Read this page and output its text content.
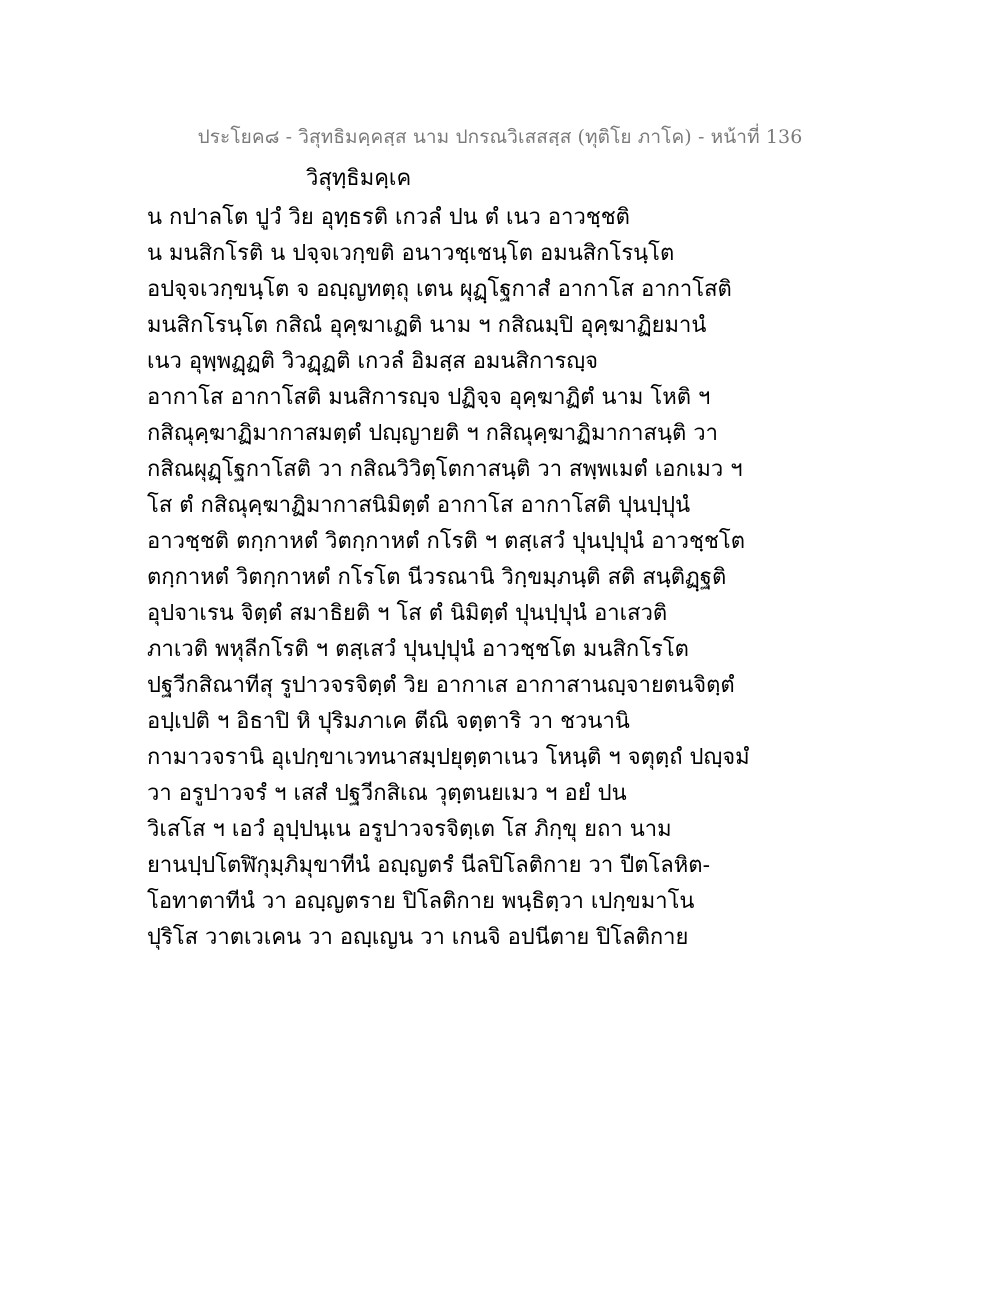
ประโยค๘ - วิสุทธิมคฺคสฺส นาม ปกรณวิเสสสฺส (ทุติโย ภาโค) - หน้าที่ 136
วิสุทฺธิมคฺเค
น กปาลโต ปูวํ วิย อุทฺธรติ เกวลํ ปน ตํ เนว อาวชฺชติ
น มนสิกโรติ น ปจฺจเวกฺขติ อนาวชฺเชนฺโต อมนสิกโรนฺโต
อปจฺจเวกฺขนฺโต จ อญฺญทตฺถุ เตน ผุฏฺโฐกาสํ อากาโส อากาโสติ
มนสิกโรนฺโต กสิณํ อุคฺฆาเฏติ นาม ฯ กสิณมฺปิ อุคฺฆาฏิยมานํ
เนว อุพฺพฏฺฏติ วิวฏฺฏติ เกวลํ อิมสฺส อมนสิการญฺจ
อากาโส อากาโสติ มนสิการญฺจ ปฏิจฺจ อุคฺฆาฏิตํ นาม โหติ ฯ
กสิณุคฺฆาฏิมากาสมตฺตํ ปญฺญายติ ฯ กสิณุคฺฆาฏิมากาสนฺติ วา
กสิณผุฏฺโฐกาโสติ วา กสิณวิวิตฺโตกาสนฺติ วา สพฺพเมตํ เอกเมว ฯ
โส ตํ กสิณุคฺฆาฏิมากาสนิมิตฺตํ อากาโส อากาโสติ ปุนปฺปุนํ
อาวชฺชติ ตกฺกาหตํ วิตกฺกาหตํ กโรติ ฯ ตสฺเสวํ ปุนปฺปุนํ อาวชฺชโต
ตกฺกาหตํ วิตกฺกาหตํ กโรโต นีวรณานิ วิกฺขมฺภนฺติ สติ สนฺติฏฺฐติ
อุปจาเรน จิตฺตํ สมาธิยติ ฯ โส ตํ นิมิตฺตํ ปุนปฺปุนํ อาเสวติ
ภาเวติ พหุลีกโรติ ฯ ตสฺเสวํ ปุนปฺปุนํ อาวชฺชโต มนสิกโรโต
ปฐวีกสิณาทีสุ รูปาวจรจิตฺตํ วิย อากาเส อากาสานญฺจายตนจิตฺตํ
อปฺเปติ ฯ อิธาปิ หิ ปุริมภาเค ตีณิ จตฺตาริ วา ชวนานิ
กามาวจรานิ อุเปกฺขาเวทนาสมฺปยุตฺตาเนว โหนฺติ ฯ จตุตฺถํ ปญฺจมํ
วา อรูปาวจรํ ฯ เสสํ ปฐวีกสิเณ วุตฺตนยเมว ฯ อยํ ปน
วิเสโส ฯ เอวํ อุปฺปนฺเน อรูปาวจรจิตฺเต โส ภิกฺขุ ยถา นาม
ยานปฺปโตฬิกุมฺภิมุขาทีนํ อญฺญตรํ นีลปิโลติกาย วา ปีตโลหิต-
โอทาตาทีนํ วา อญฺญตราย ปิโลติกาย พนฺธิตฺวา เปกฺขมาโน
ปุริโส วาตเวเคน วา อญฺเญน วา เกนจิ อปนีตาย ปิโลติกาย
